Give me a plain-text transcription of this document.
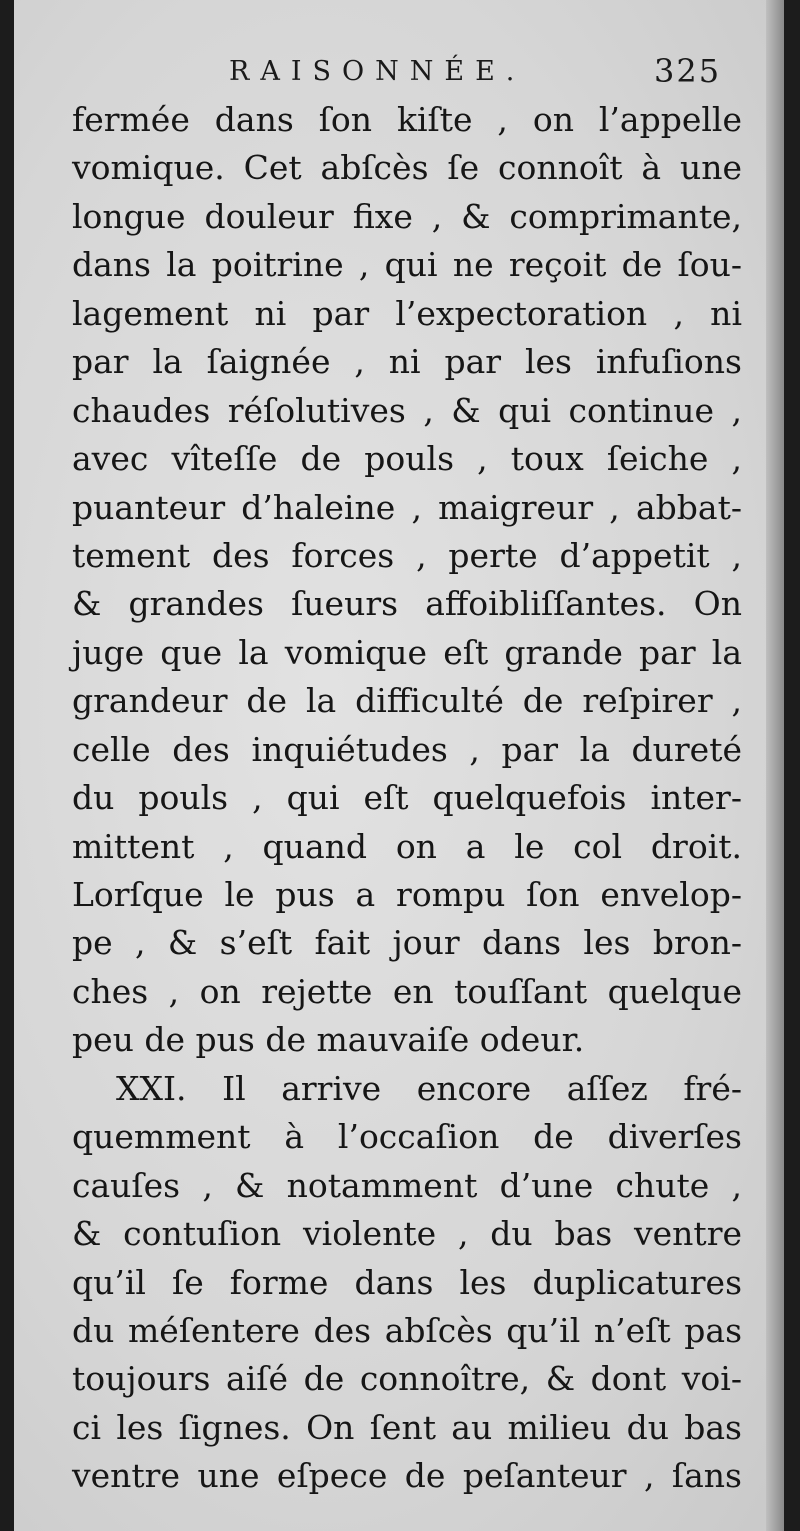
RAISONNÉE.	325
fermée dans ſon kiſte , on l’appelle
vomique. Cet abſcès ſe connoît à une
longue douleur fixe , & comprimante,
dans la poitrine , qui ne reçoit de ſou-
lagement ni par l’expectoration , ni
par la ſaignée , ni par les infuſions
chaudes réſolutives , & qui continue ,
avec vîteſſe de pouls , toux ſeiche ,
puanteur d’haleine , maigreur , abbat-
tement des forces , perte d’appetit ,
& grandes ſueurs affoibliſſantes. On
juge que la vomique eſt grande par la
grandeur de la difficulté de reſpirer ,
celle des inquiétudes , par la dureté
du pouls , qui eſt quelquefois inter-
mittent , quand on a le col droit.
Lorſque le pus a rompu ſon envelop-
pe , & s’eſt fait jour dans les bron-
ches , on rejette en touſſant quelque
peu de pus de mauvaiſe odeur.
XXI. Il arrive encore aſſez fré-
quemment à l’occaſion de diverſes
cauſes , & notamment d’une chute ,
& contuſion violente , du bas ventre
qu’il ſe forme dans les duplicatures
du méſentere des abſcès qu’il n’eſt pas
toujours aiſé de connoître, & dont voi-
ci les ſignes. On ſent au milieu du bas
ventre une eſpece de peſanteur , ſans
